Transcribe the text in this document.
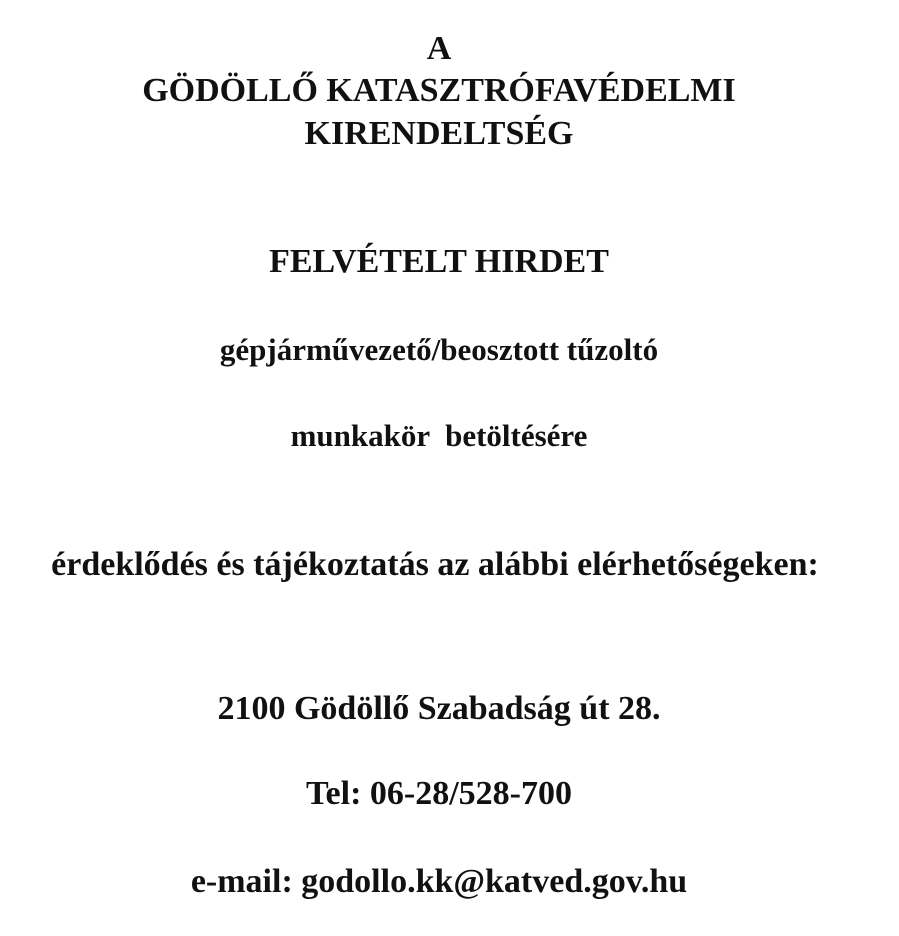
A
GÖDÖLLŐ KATASZTRÓFAVÉDELMI
KIRENDELTSÉG
FELVÉTELT HIRDET
gépjárművezető/beosztott tűzoltó
munkakör  betöltésére
érdeklődés és tájékoztatás az alábbi elérhetőségeken:
2100 Gödöllő Szabadság út 28.
Tel: 06-28/528-700
e-mail: godollo.kk@katved.gov.hu
